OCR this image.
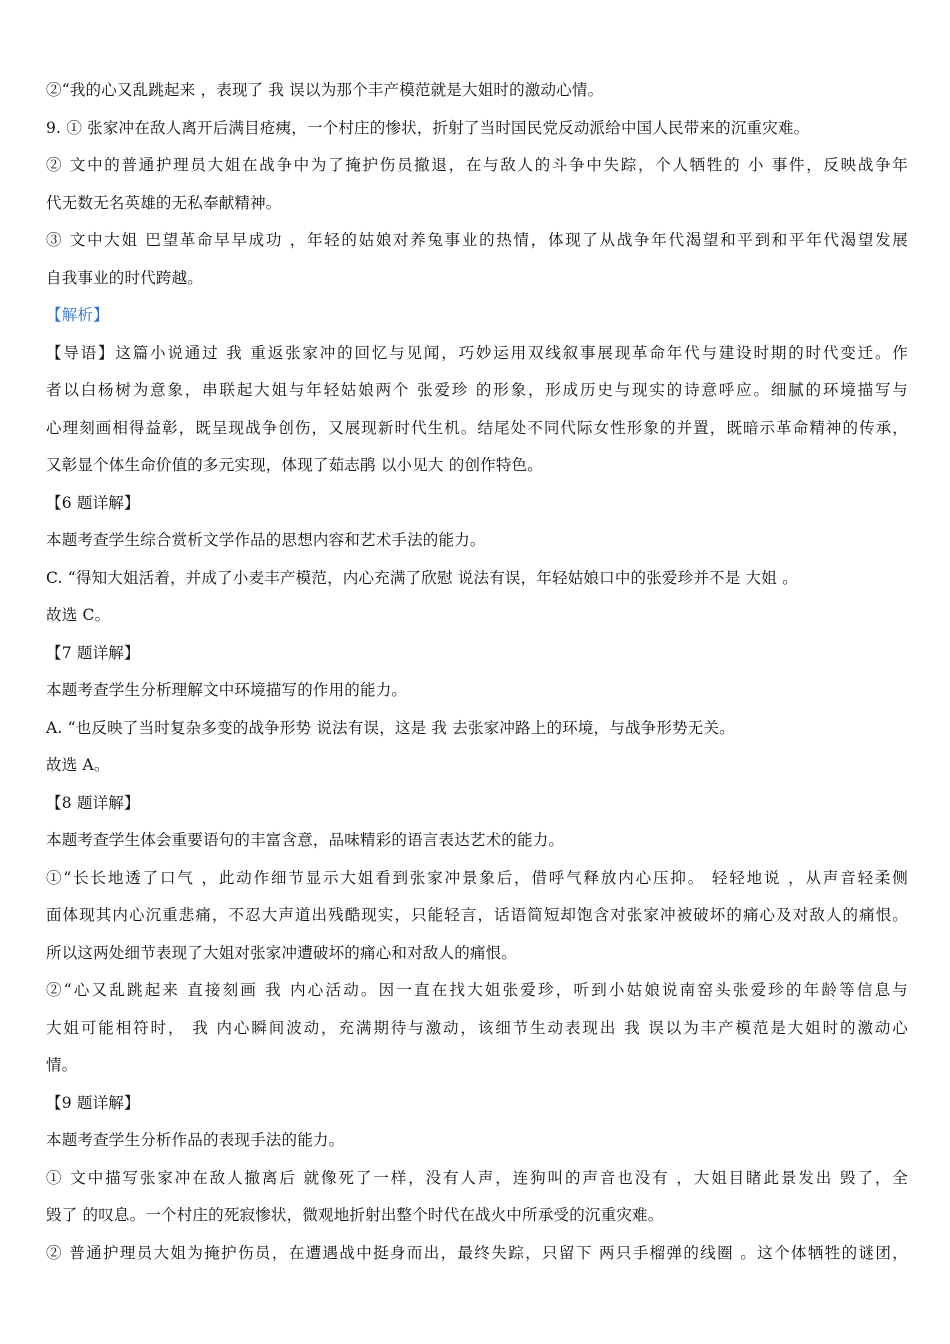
②“我的心又乱跳起来 ，表现了 我 误以为那个丰产模范就是大姐时的激动心情。
9. ① 张家冲在敌人离开后满目疮痍，一个村庄的惨状，折射了当时国民党反动派给中国人民带来的沉重灾难。
② 文中的普通护理员大姐在战争中为了掩护伤员撤退，在与敌人的斗争中失踪，个人牺牲的 小 事件，反映战争年
代无数无名英雄的无私奉献精神。
③ 文中大姐 巴望革命早早成功 ，年轻的姑娘对养兔事业的热情，体现了从战争年代渴望和平到和平年代渴望发展
自我事业的时代跨越。
【解析】
【导语】这篇小说通过 我 重返张家冲的回忆与见闻，巧妙运用双线叙事展现革命年代与建设时期的时代变迁。作
者以白杨树为意象，串联起大姐与年轻姑娘两个 张爱珍 的形象，形成历史与现实的诗意呼应。细腻的环境描写与
心理刻画相得益彰，既呈现战争创伤，又展现新时代生机。结尾处不同代际女性形象的并置，既暗示革命精神的传承，
又彰显个体生命价值的多元实现，体现了茹志鹃 以小见大 的创作特色。
【6 题详解】
本题考查学生综合赏析文学作品的思想内容和艺术手法的能力。
C. “得知大姐活着，并成了小麦丰产模范，内心充满了欣慰 说法有误，年轻姑娘口中的张爱珍并不是 大姐 。
故选 C。
【7 题详解】
本题考查学生分析理解文中环境描写的作用的能力。
A. “也反映了当时复杂多变的战争形势 说法有误，这是 我 去张家冲路上的环境，与战争形势无关。
故选 A。
【8 题详解】
本题考查学生体会重要语句的丰富含意，品味精彩的语言表达艺术的能力。
①“长长地透了口气 ，此动作细节显示大姐看到张家冲景象后，借呼气释放内心压抑。 轻轻地说 ，从声音轻柔侧
面体现其内心沉重悲痛，不忍大声道出残酷现实，只能轻言，话语简短却饱含对张家冲被破坏的痛心及对敌人的痛恨。
所以这两处细节表现了大姐对张家冲遭破坏的痛心和对敌人的痛恨。
②“心又乱跳起来 直接刻画 我 内心活动。因一直在找大姐张爱珍，听到小姑娘说南窑头张爱珍的年龄等信息与
大姐可能相符时， 我 内心瞬间波动，充满期待与激动，该细节生动表现出 我 误以为丰产模范是大姐时的激动心
情。
【9 题详解】
本题考查学生分析作品的表现手法的能力。
① 文中描写张家冲在敌人撤离后 就像死了一样，没有人声，连狗叫的声音也没有 ，大姐目睹此景发出 毁了，全
毁了 的叹息。一个村庄的死寂惨状，微观地折射出整个时代在战火中所承受的沉重灾难。
② 普通护理员大姐为掩护伤员，在遭遇战中挺身而出，最终失踪，只留下 两只手榴弹的线圈 。这个体牺牲的谜团，
